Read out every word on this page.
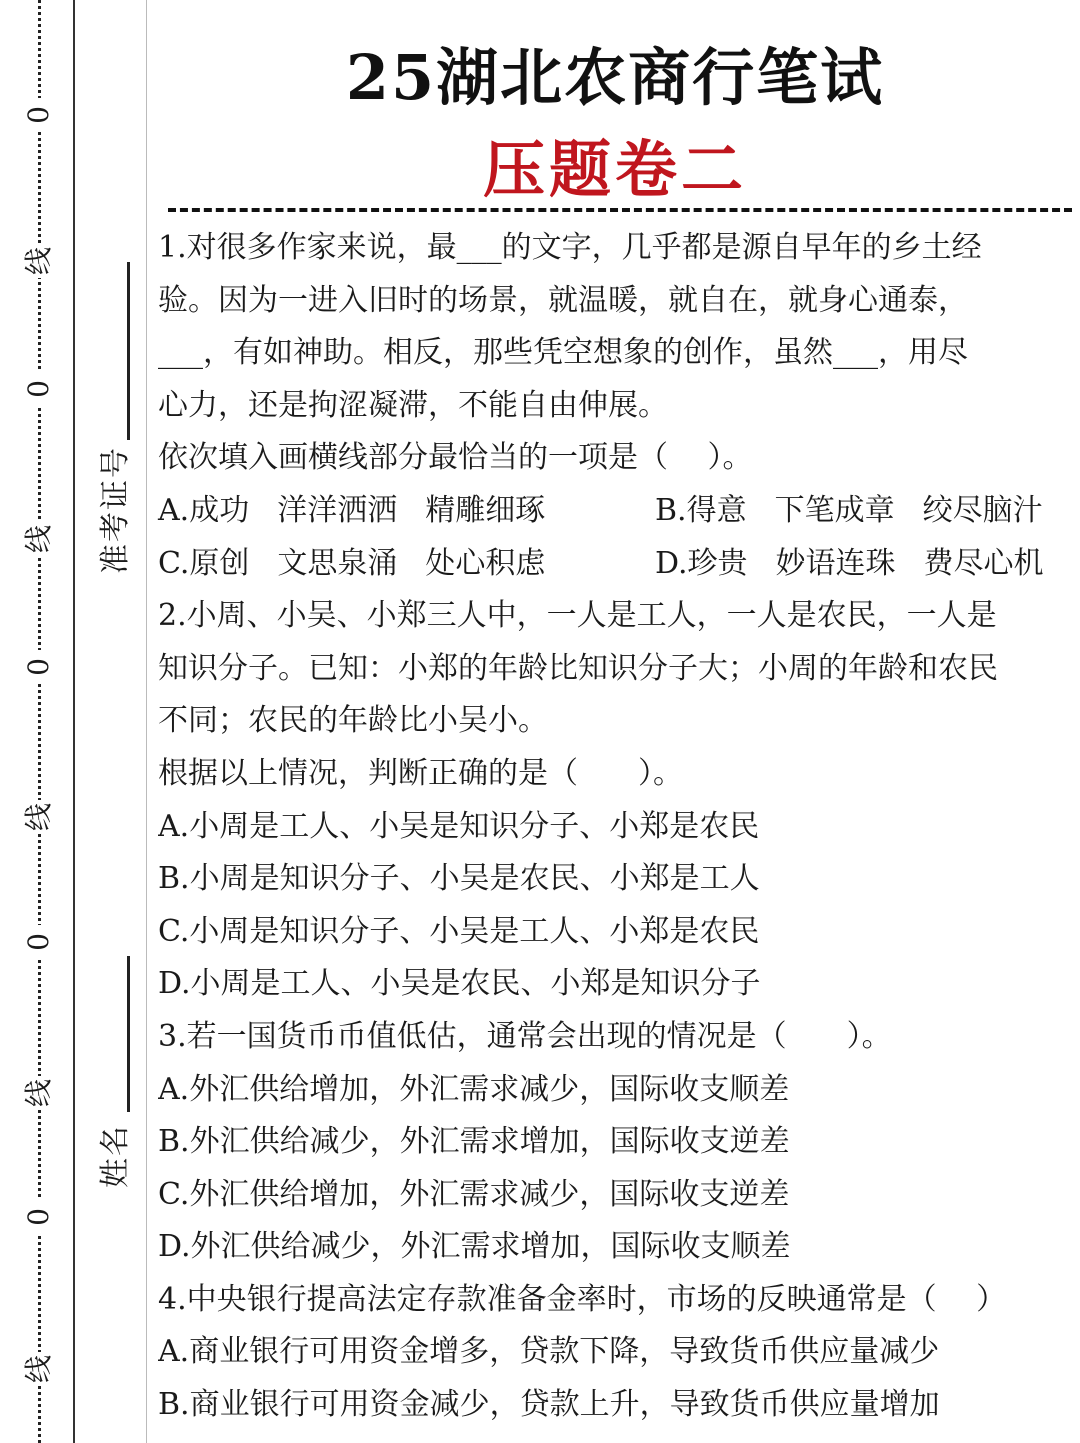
0
线
0
线
0
线
0
线
0
线
准考证号
姓名
25湖北农商行笔试
压题卷二
1.对很多作家来说，最___的文字，几乎都是源自早年的乡土经
验。因为一进入旧时的场景，就温暖，就自在，就身心通泰，
___，有如神助。相反，那些凭空想象的创作，虽然___，用尽
心力，还是拘涩凝滞，不能自由伸展。
依次填入画横线部分最恰当的一项是（　 ）。
A.成功 洋洋洒洒 精雕细琢	B.得意 下笔成章 绞尽脑汁
C.原创 文思泉涌 处心积虑	D.珍贵 妙语连珠 费尽心机
2.小周、小吴、小郑三人中，一人是工人，一人是农民，一人是
知识分子。已知：小郑的年龄比知识分子大；小周的年龄和农民
不同；农民的年龄比小吴小。
根据以上情况，判断正确的是（　　）。
A.小周是工人、小吴是知识分子、小郑是农民
B.小周是知识分子、小吴是农民、小郑是工人
C.小周是知识分子、小吴是工人、小郑是农民
D.小周是工人、小吴是农民、小郑是知识分子
3.若一国货币币值低估，通常会出现的情况是（　　）。
A.外汇供给增加，外汇需求减少，国际收支顺差
B.外汇供给减少，外汇需求增加，国际收支逆差
C.外汇供给增加，外汇需求减少，国际收支逆差
D.外汇供给减少，外汇需求增加，国际收支顺差
4.中央银行提高法定存款准备金率时，市场的反映通常是（　 ）
A.商业银行可用资金增多，贷款下降，导致货币供应量减少
B.商业银行可用资金减少，贷款上升，导致货币供应量增加
